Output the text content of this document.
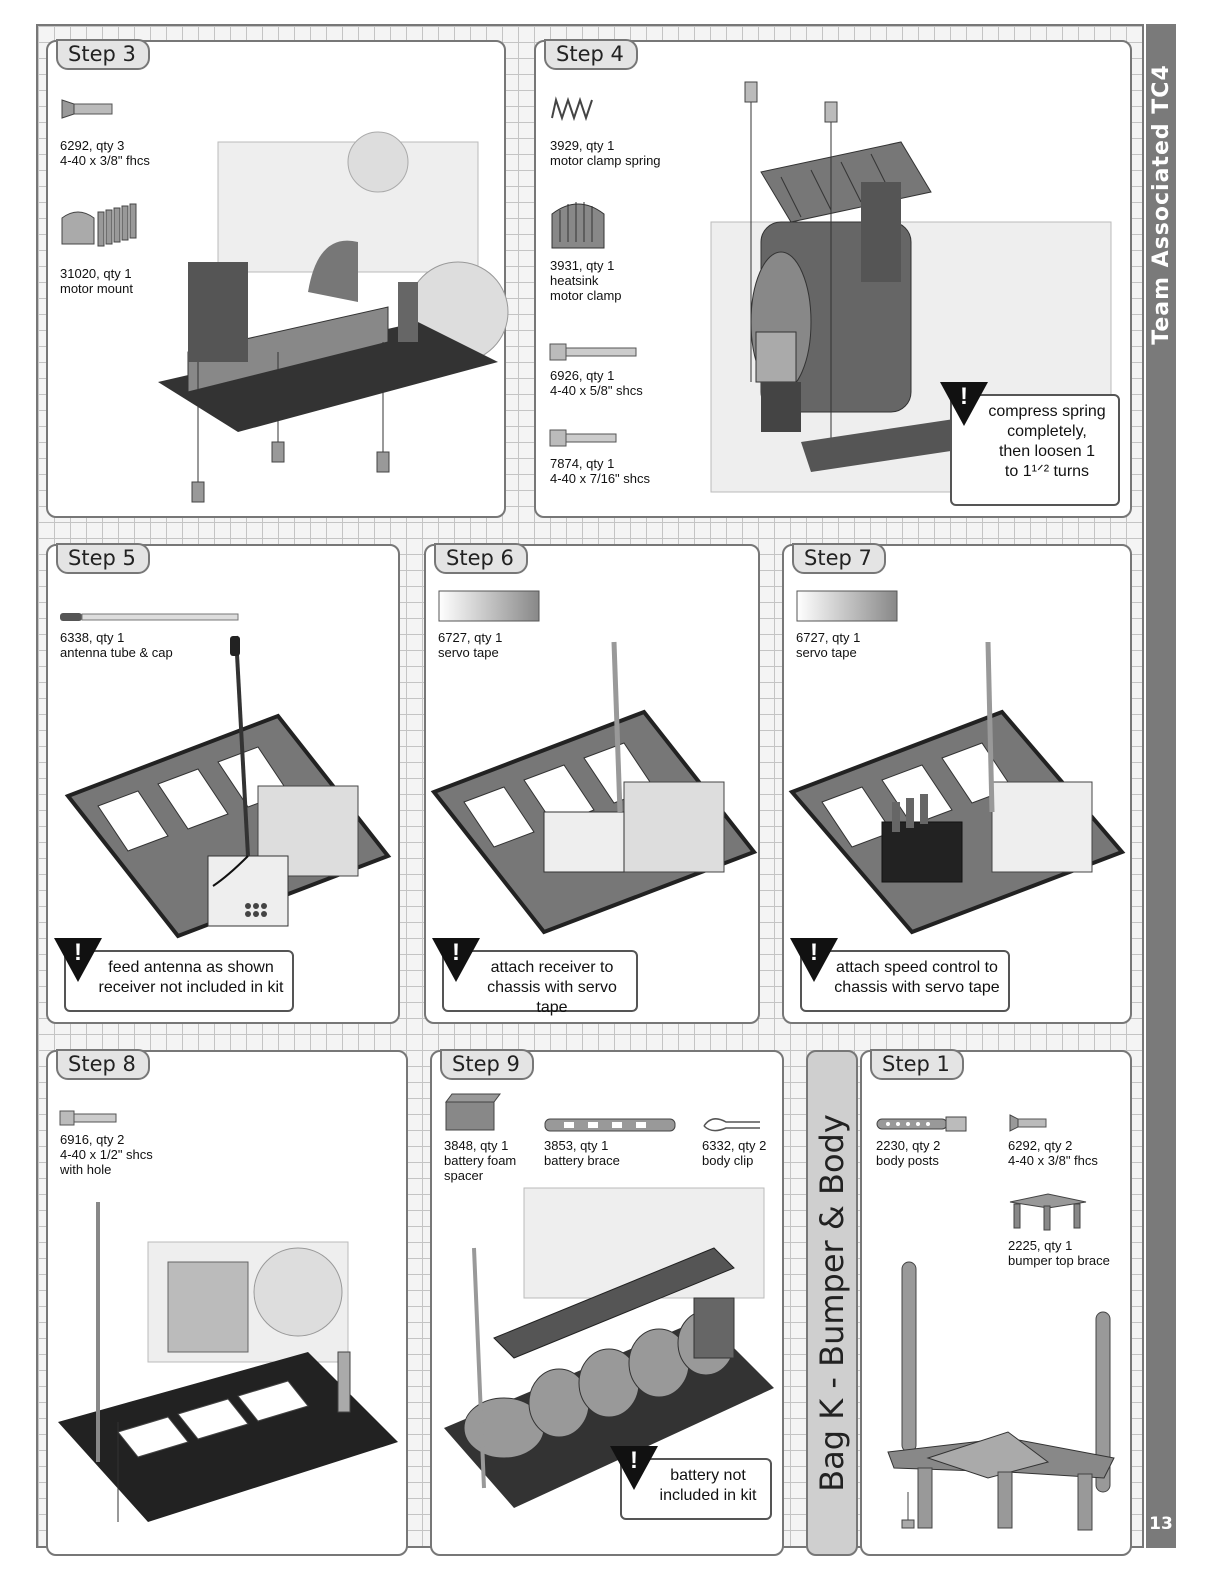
Team Associated TC4
13
Step 3
6292, qty 3
4-40 x 3/8" fhcs
31020, qty 1
motor mount
Step 4
3929, qty 1
motor clamp spring
3931, qty 1
heatsink
motor clamp
6926, qty 1
4-40 x 5/8" shcs
7874, qty 1
4-40 x 7/16" shcs
!
compress spring
completely,
then loosen 1
to 1¹ᐟ² turns
Step 5
6338, qty 1
antenna tube & cap
!
feed antenna as shown
receiver not included in kit
Step 6
6727, qty 1
servo tape
!
attach receiver to
chassis with servo tape
Step 7
6727, qty 1
servo tape
!
attach speed control to
chassis with servo tape
Step 8
6916, qty 2
4-40 x 1/2" shcs
with hole
Step 9
3848, qty 1
battery foam
spacer
3853, qty 1
battery brace
6332, qty 2
body clip
!
battery not
included in kit
Bag K - Bumper & Body
Step 1
2230, qty 2
body posts
6292, qty 2
4-40 x 3/8" fhcs
2225, qty 1
bumper top brace
